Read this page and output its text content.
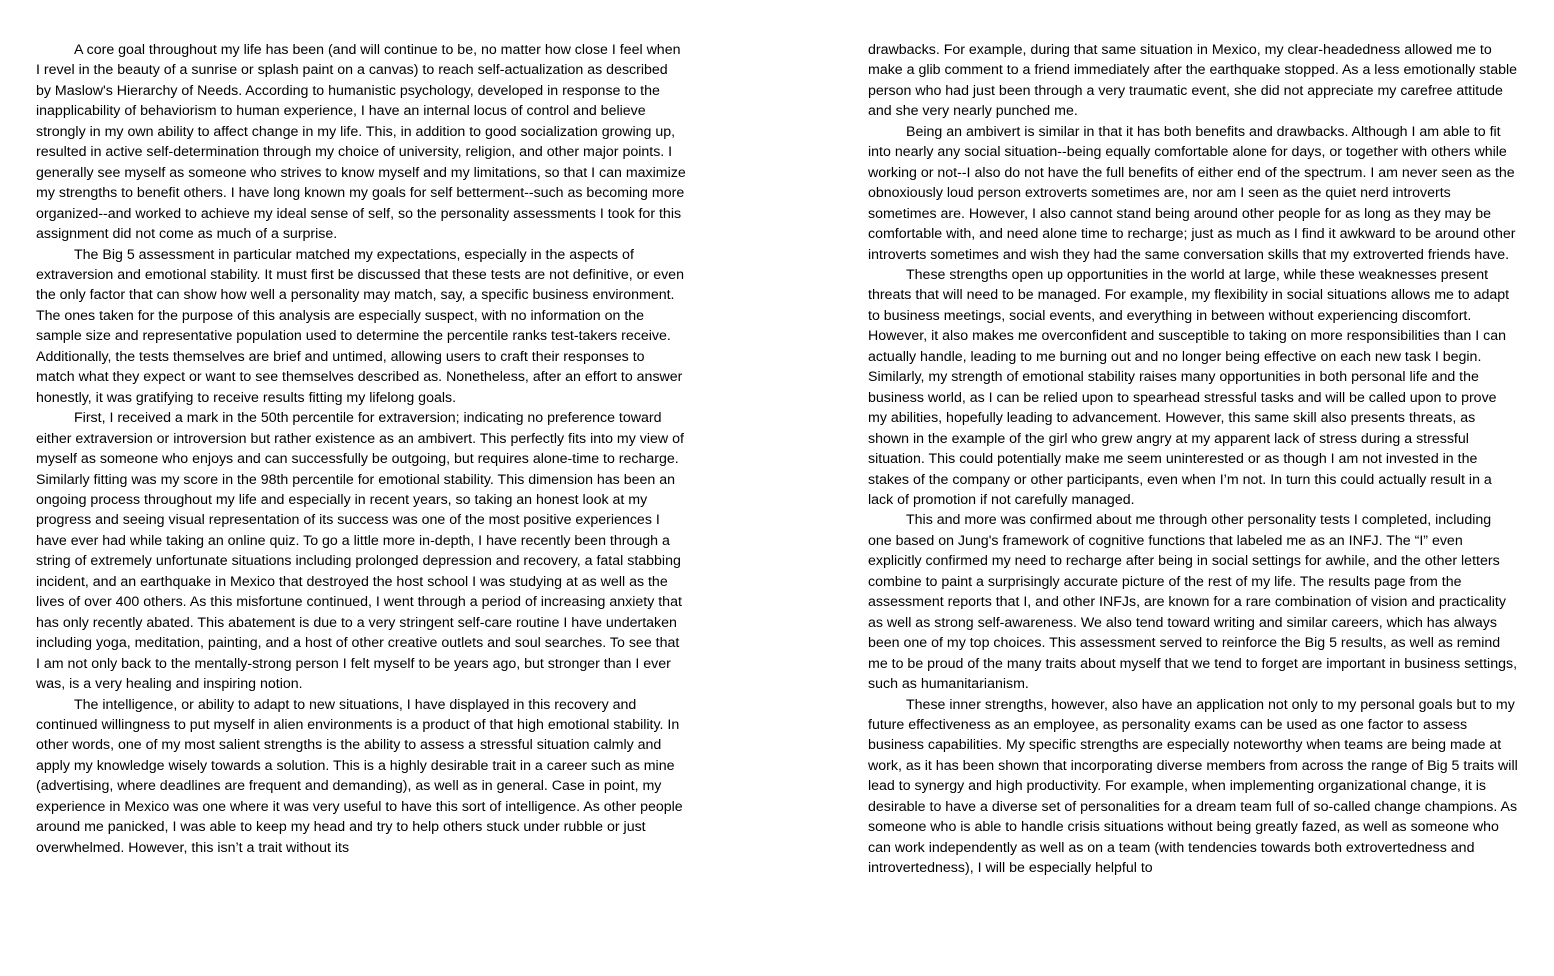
A core goal throughout my life has been (and will continue to be, no matter how close I feel when I revel in the beauty of a sunrise or splash paint on a canvas) to reach self-actualization as described by Maslow's Hierarchy of Needs. According to humanistic psychology, developed in response to the inapplicability of behaviorism to human experience, I have an internal locus of control and believe strongly in my own ability to affect change in my life. This, in addition to good socialization growing up, resulted in active self-determination through my choice of university, religion, and other major points. I generally see myself as someone who strives to know myself and my limitations, so that I can maximize my strengths to benefit others. I have long known my goals for self betterment--such as becoming more organized--and worked to achieve my ideal sense of self, so the personality assessments I took for this assignment did not come as much of a surprise.

The Big 5 assessment in particular matched my expectations, especially in the aspects of extraversion and emotional stability. It must first be discussed that these tests are not definitive, or even the only factor that can show how well a personality may match, say, a specific business environment. The ones taken for the purpose of this analysis are especially suspect, with no information on the sample size and representative population used to determine the percentile ranks test-takers receive. Additionally, the tests themselves are brief and untimed, allowing users to craft their responses to match what they expect or want to see themselves described as. Nonetheless, after an effort to answer honestly, it was gratifying to receive results fitting my lifelong goals.

First, I received a mark in the 50th percentile for extraversion; indicating no preference toward either extraversion or introversion but rather existence as an ambivert. This perfectly fits into my view of myself as someone who enjoys and can successfully be outgoing, but requires alone-time to recharge. Similarly fitting was my score in the 98th percentile for emotional stability. This dimension has been an ongoing process throughout my life and especially in recent years, so taking an honest look at my progress and seeing visual representation of its success was one of the most positive experiences I have ever had while taking an online quiz. To go a little more in-depth, I have recently been through a string of extremely unfortunate situations including prolonged depression and recovery, a fatal stabbing incident, and an earthquake in Mexico that destroyed the host school I was studying at as well as the lives of over 400 others. As this misfortune continued, I went through a period of increasing anxiety that has only recently abated. This abatement is due to a very stringent self-care routine I have undertaken including yoga, meditation, painting, and a host of other creative outlets and soul searches. To see that I am not only back to the mentally-strong person I felt myself to be years ago, but stronger than I ever was, is a very healing and inspiring notion.

The intelligence, or ability to adapt to new situations, I have displayed in this recovery and continued willingness to put myself in alien environments is a product of that high emotional stability. In other words, one of my most salient strengths is the ability to assess a stressful situation calmly and apply my knowledge wisely towards a solution. This is a highly desirable trait in a career such as mine (advertising, where deadlines are frequent and demanding), as well as in general. Case in point, my experience in Mexico was one where it was very useful to have this sort of intelligence. As other people around me panicked, I was able to keep my head and try to help others stuck under rubble or just overwhelmed. However, this isn’t a trait without its

drawbacks. For example, during that same situation in Mexico, my clear-headedness allowed me to make a glib comment to a friend immediately after the earthquake stopped. As a less emotionally stable person who had just been through a very traumatic event, she did not appreciate my carefree attitude and she very nearly punched me.

Being an ambivert is similar in that it has both benefits and drawbacks. Although I am able to fit into nearly any social situation--being equally comfortable alone for days, or together with others while working or not--I also do not have the full benefits of either end of the spectrum. I am never seen as the obnoxiously loud person extroverts sometimes are, nor am I seen as the quiet nerd introverts sometimes are. However, I also cannot stand being around other people for as long as they may be comfortable with, and need alone time to recharge; just as much as I find it awkward to be around other introverts sometimes and wish they had the same conversation skills that my extroverted friends have.

These strengths open up opportunities in the world at large, while these weaknesses present threats that will need to be managed. For example, my flexibility in social situations allows me to adapt to business meetings, social events, and everything in between without experiencing discomfort. However, it also makes me overconfident and susceptible to taking on more responsibilities than I can actually handle, leading to me burning out and no longer being effective on each new task I begin. Similarly, my strength of emotional stability raises many opportunities in both personal life and the business world, as I can be relied upon to spearhead stressful tasks and will be called upon to prove my abilities, hopefully leading to advancement. However, this same skill also presents threats, as shown in the example of the girl who grew angry at my apparent lack of stress during a stressful situation. This could potentially make me seem uninterested or as though I am not invested in the stakes of the company or other participants, even when I’m not. In turn this could actually result in a lack of promotion if not carefully managed.

This and more was confirmed about me through other personality tests I completed, including one based on Jung's framework of cognitive functions that labeled me as an INFJ. The “I” even explicitly confirmed my need to recharge after being in social settings for awhile, and the other letters combine to paint a surprisingly accurate picture of the rest of my life. The results page from the assessment reports that I, and other INFJs, are known for a rare combination of vision and practicality as well as strong self-awareness. We also tend toward writing and similar careers, which has always been one of my top choices. This assessment served to reinforce the Big 5 results, as well as remind me to be proud of the many traits about myself that we tend to forget are important in business settings, such as humanitarianism.

These inner strengths, however, also have an application not only to my personal goals but to my future effectiveness as an employee, as personality exams can be used as one factor to assess business capabilities. My specific strengths are especially noteworthy when teams are being made at work, as it has been shown that incorporating diverse members from across the range of Big 5 traits will lead to synergy and high productivity. For example, when implementing organizational change, it is desirable to have a diverse set of personalities for a dream team full of so-called change champions. As someone who is able to handle crisis situations without being greatly fazed, as well as someone who can work independently as well as on a team (with tendencies towards both extrovertedness and introvertedness), I will be especially helpful to
